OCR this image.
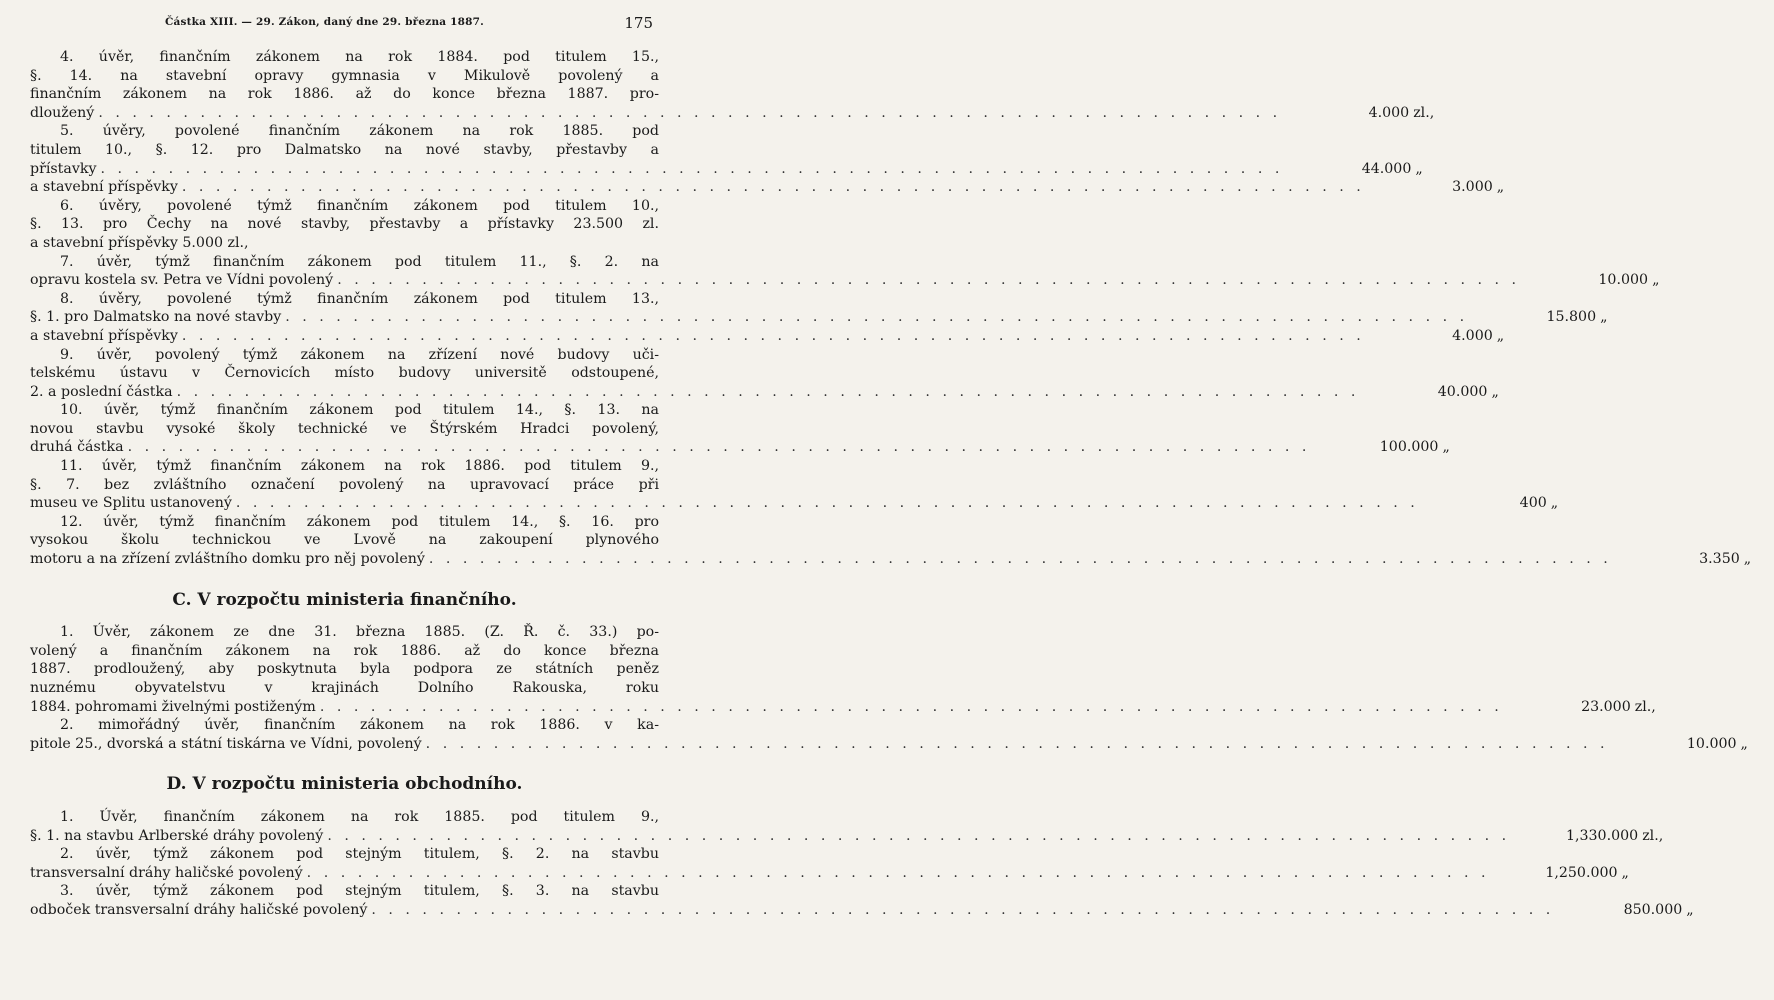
Částka XIII. — 29. Zákon, daný dne 29. března 1887.	175
4. úvěr, finančním zákonem na rok 1884. pod titulem 15.,
§. 14. na stavební opravy gymnasia v Mikulově povolený a
finančním zákonem na rok 1886. až do konce března 1887. pro-
dloužený . . .	4.000 zl.,
5. úvěry, povolené finančním zákonem na rok 1885. pod
titulem 10., §. 12. pro Dalmatsko na nové stavby, přestavby a
přístavky . . .	44.000 „
a stavební příspěvky . . .	3.000 „
6. úvěry, povolené týmž finančním zákonem pod titulem 10.,
§. 13. pro Čechy na nové stavby, přestavby a přístavky 23.500 zl.
a stavební příspěvky 5.000 zl.,
7. úvěr, týmž finančním zákonem pod titulem 11., §. 2. na
opravu kostela sv. Petra ve Vídni povolený . . .	10.000 „
8. úvěry, povolené týmž finančním zákonem pod titulem 13.,
§. 1. pro Dalmatsko na nové stavby . . .	15.800 „
a stavební příspěvky . . .	4.000 „
9. úvěr, povolený týmž zákonem na zřízení nové budovy uči-
telskému ústavu v Černovicích místo budovy universitě odstoupené,
2. a poslední částka . . .	40.000 „
10. úvěr, týmž finančním zákonem pod titulem 14., §. 13. na
novou stavbu vysoké školy technické ve Štýrském Hradci povolený,
druhá částka . . .	100.000 „
11. úvěr, týmž finančním zákonem na rok 1886. pod titulem 9.,
§. 7. bez zvláštního označení povolený na upravovací práce při
museu ve Splitu ustanovený . . .	400 „
12. úvěr, týmž finančním zákonem pod titulem 14., §. 16. pro
vysokou školu technickou ve Lvově na zakoupení plynového
motoru a na zřízení zvláštního domku pro něj povolený . . .	3.350 „
C. V rozpočtu ministeria finančního.
1. Úvěr, zákonem ze dne 31. března 1885. (Z. Ř. č. 33.) po-
volený a finančním zákonem na rok 1886. až do konce března
1887. prodloužený, aby poskytnuta byla podpora ze státních peněz
nuznému obyvatelstvu v krajinách Dolního Rakouska, roku
1884. pohromami živelnými postiženým . . .	23.000 zl.,
2. mimořádný úvěr, finančním zákonem na rok 1886. v ka-
pitole 25., dvorská a státní tiskárna ve Vídni, povolený . . .	10.000 „
D. V rozpočtu ministeria obchodního.
1. Úvěr, finančním zákonem na rok 1885. pod titulem 9.,
§. 1. na stavbu Arlberské dráhy povolený . . .	1,330.000 zl.,
2. úvěr, týmž zákonem pod stejným titulem, §. 2. na stavbu
transversalní dráhy haličské povolený . . .	1,250.000 „
3. úvěr, týmž zákonem pod stejným titulem, §. 3. na stavbu
odboček transversalní dráhy haličské povolený . . .	850.000 „
